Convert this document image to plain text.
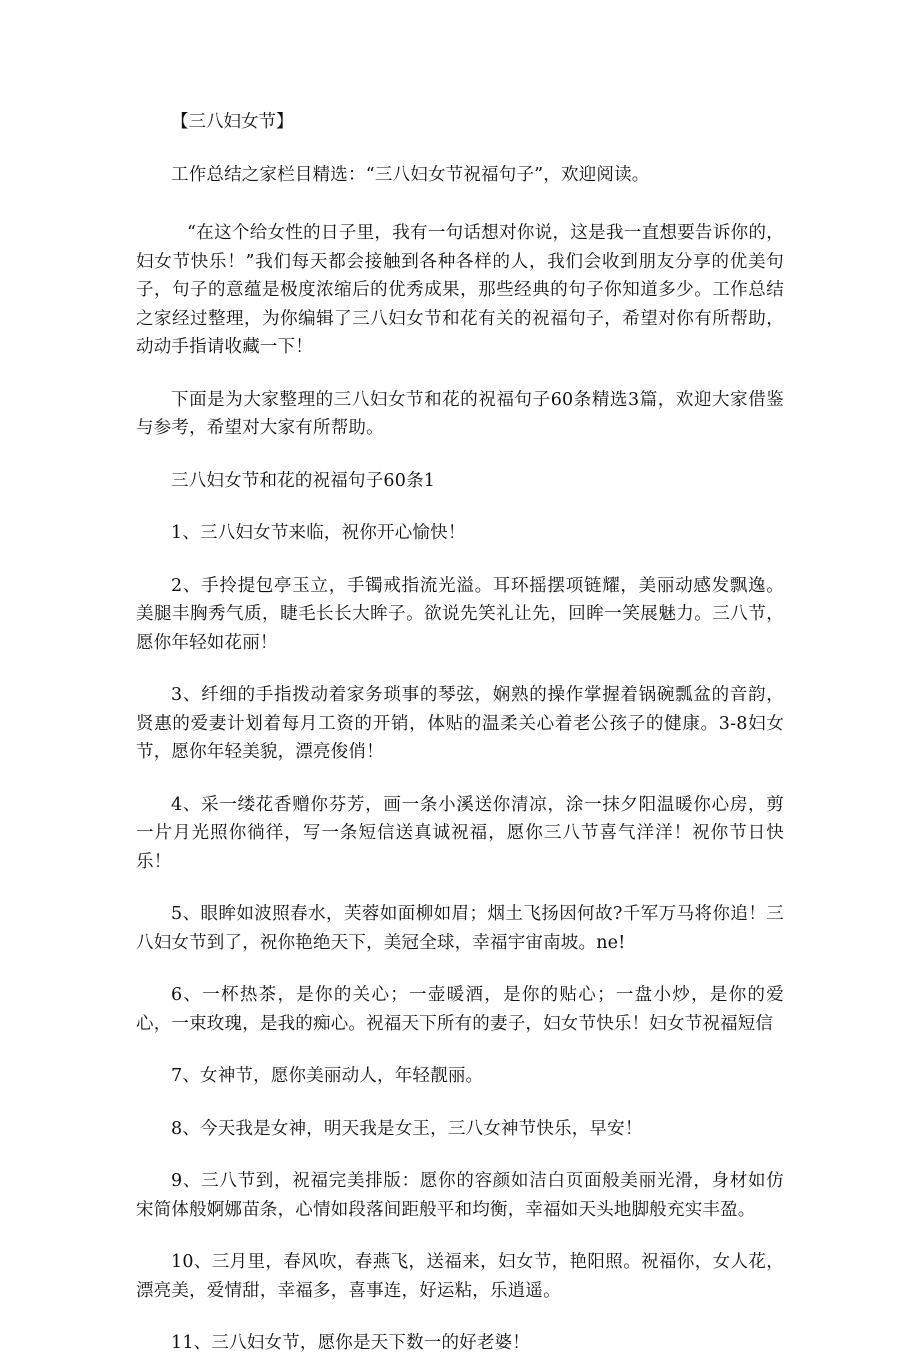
【三八妇女节】

工作总结之家栏目精选：“三八妇女节祝福句子”，欢迎阅读。

“在这个给女性的日子里，我有一句话想对你说，这是我一直想要告诉你的，妇女节快乐！”我们每天都会接触到各种各样的人，我们会收到朋友分享的优美句子，句子的意蕴是极度浓缩后的优秀成果，那些经典的句子你知道多少。工作总结之家经过整理，为你编辑了三八妇女节和花有关的祝福句子，希望对你有所帮助，动动手指请收藏一下！

下面是为大家整理的三八妇女节和花的祝福句子60条精选3篇，欢迎大家借鉴与参考，希望对大家有所帮助。

三八妇女节和花的祝福句子60条1

1、三八妇女节来临，祝你开心愉快！

2、手拎提包亭玉立，手镯戒指流光溢。耳环摇摆项链耀，美丽动感发飘逸。美腿丰胸秀气质，睫毛长长大眸子。欲说先笑礼让先，回眸一笑展魅力。三八节，愿你年轻如花丽！

3、纤细的手指拨动着家务琐事的琴弦，娴熟的操作掌握着锅碗瓢盆的音韵，贤惠的爱妻计划着每月工资的开销，体贴的温柔关心着老公孩子的健康。3-8妇女节，愿你年轻美貌，漂亮俊俏！

4、采一缕花香赠你芬芳，画一条小溪送你清凉，涂一抹夕阳温暖你心房，剪一片月光照你徜徉，写一条短信送真诚祝福，愿你三八节喜气洋洋！祝你节日快乐！

5、眼眸如波照春水，芙蓉如面柳如眉；烟土飞扬因何故?千军万马将你追！三八妇女节到了，祝你艳绝天下，美冠全球，幸福宇宙南坡。ne!

6、一杯热茶，是你的关心；一壶暖酒，是你的贴心；一盘小炒，是你的爱心，一束玫瑰，是我的痴心。祝福天下所有的妻子，妇女节快乐！妇女节祝福短信

7、女神节，愿你美丽动人，年轻靓丽。

8、今天我是女神，明天我是女王，三八女神节快乐，早安！

9、三八节到，祝福完美排版：愿你的容颜如洁白页面般美丽光滑，身材如仿宋简体般婀娜苗条，心情如段落间距般平和均衡，幸福如天头地脚般充实丰盈。

10、三月里，春风吹，春燕飞，送福来，妇女节，艳阳照。祝福你，女人花，漂亮美，爱情甜，幸福多，喜事连，好运粘，乐逍遥。

11、三八妇女节，愿你是天下数一的好老婆！
